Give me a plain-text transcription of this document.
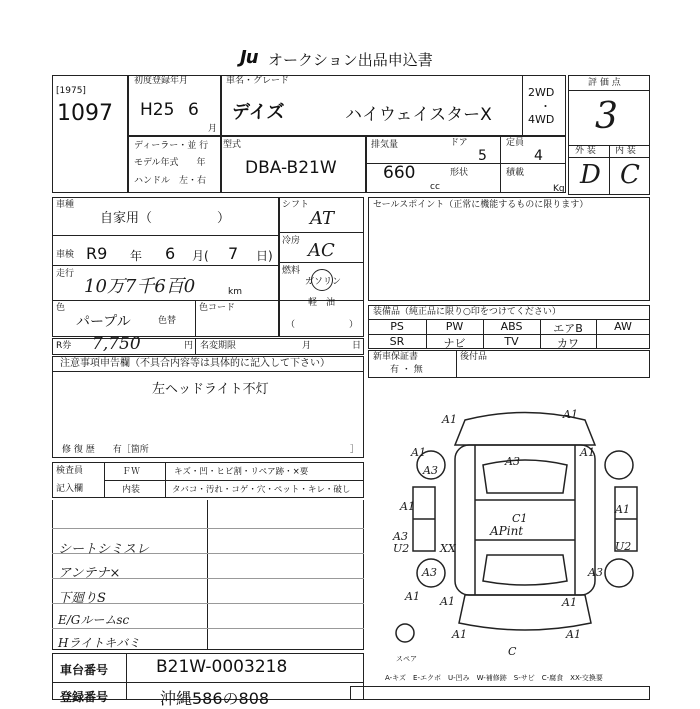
Ju オークション出品申込書
[1975]
1097
初度登録年月
H25 6
月
車名・グレード
デイズ	ハイウェイスターX
2WD
・
4WD
ディーラー・並 行
モデル年式　　年
ハンドル　左・右
型式
DBA-B21W
排気量
660
cc
ドア
5
定員
4
形状	積載
Kg
評 価 点
3
外 装 内 装
D C
車種
自家用（　　　　　）
車検 R9 年 6 月( 7 日)
走行
10万7千6百0	km
色
パープル	色替
色コード
シフト
AT
冷房 AC
燃料
ガソリン
軽　油
（　　　　　　）
R券 7,750	円 名変期限	月	日
注意事項申告欄（不具合内容等は具体的に記入して下さい）
左ヘッドライト不灯
修 復 歴　　有［箇所	］
セールスポイント（正常に機能するものに限ります）
装備品（純正品に限り○印をつけてください）
PS	PW	ABS	エアB	AW
SR	ナビ	TV	カワ
新車保証書
有 ・ 無
後付品
検査員
記入欄
ＦＷ	キズ・凹・ヒビ割・リペア跡・×要
内装	タバコ・汚れ・コゲ・穴・ペット・キレ・破し
シートシミスレ
アンテナ×
下廻りS
E/Gルームsc
Hライトキバミ
A1	A1
A1
A3
A1
A3
A1	A1
A3
U2	XX
C1
APint
U2
A1 A1
A3	A3
A1
A1	A1
C
スペア
A-キズ　E-エクボ　U-凹み　W-補修跡　S-サビ　C-腐食　XX-交換要
車台番号	B21W-0003218
登録番号	沖縄586の808
